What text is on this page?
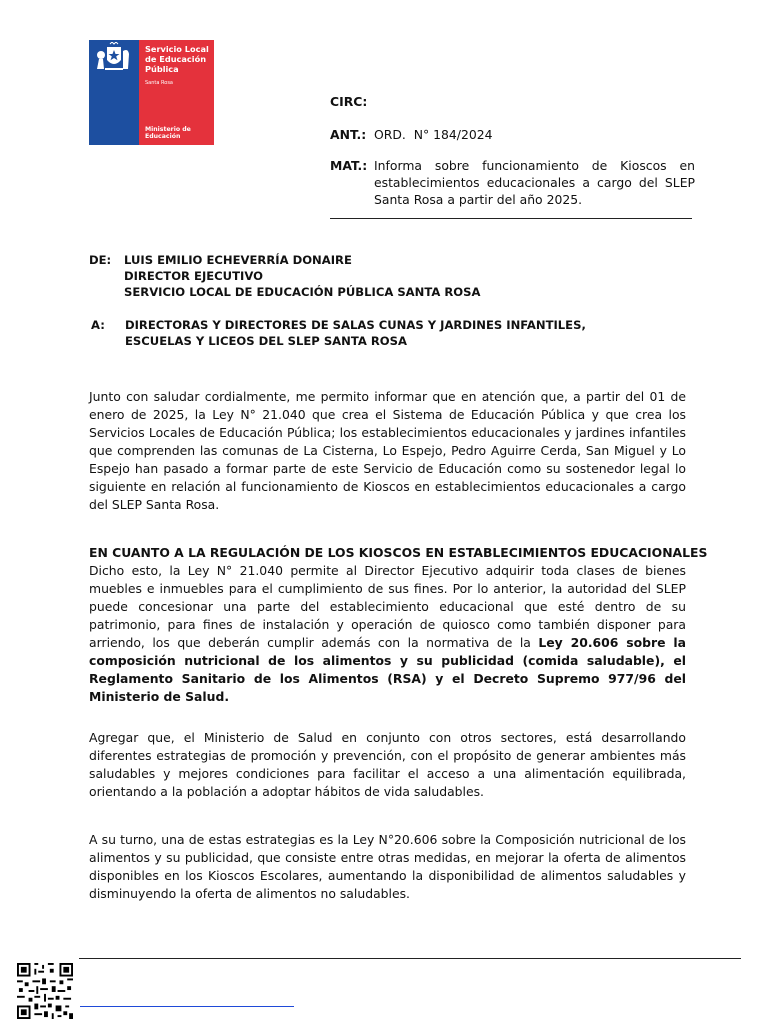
Servicio Local
de Educación
Pública
Santa Rosa
Ministerio de
Educación
CIRC:
ANT.: ORD.  N° 184/2024
MAT.: Informa sobre funcionamiento de Kioscos en establecimientos educacionales a cargo del SLEP Santa Rosa a partir del año 2025.
DE: LUIS EMILIO ECHEVERRÍA DONAIRE
DIRECTOR EJECUTIVO
SERVICIO LOCAL DE EDUCACIÓN PÚBLICA SANTA ROSA
A: DIRECTORAS Y DIRECTORES DE SALAS CUNAS Y JARDINES INFANTILES,
ESCUELAS Y LICEOS DEL SLEP SANTA ROSA

Junto con saludar cordialmente, me permito informar que en atención que, a partir del 01 de enero de 2025, la Ley N° 21.040 que crea el Sistema de Educación Pública y que crea los Servicios Locales de Educación Pública; los establecimientos educacionales y jardines infantiles que comprenden las comunas de La Cisterna, Lo Espejo, Pedro Aguirre Cerda, San Miguel y Lo Espejo han pasado a formar parte de este Servicio de Educación como su sostenedor legal lo siguiente en relación al funcionamiento de Kioscos en establecimientos educacionales a cargo del SLEP Santa Rosa.

EN CUANTO A LA REGULACIÓN DE LOS KIOSCOS EN ESTABLECIMIENTOS EDUCACIONALES

Dicho esto, la Ley N° 21.040 permite al Director Ejecutivo adquirir toda clases de bienes muebles e inmuebles para el cumplimiento de sus fines. Por lo anterior, la autoridad del SLEP puede concesionar una parte del establecimiento educacional que esté dentro de su patrimonio, para fines de instalación y operación de quiosco como también disponer para arriendo, los que deberán cumplir además con la normativa de la Ley 20.606 sobre la composición nutricional de los alimentos y su publicidad (comida saludable), el Reglamento Sanitario de los Alimentos (RSA) y el Decreto Supremo 977/96 del Ministerio de Salud.

Agregar que, el Ministerio de Salud en conjunto con otros sectores, está desarrollando diferentes estrategias de promoción y prevención, con el propósito de generar ambientes más saludables y mejores condiciones para facilitar el acceso a una alimentación equilibrada, orientando a la población a adoptar hábitos de vida saludables.

A su turno, una de estas estrategias es la Ley N°20.606 sobre la Composición nutricional de los alimentos y su publicidad, que consiste entre otras medidas, en mejorar la oferta de alimentos disponibles en los Kioscos Escolares, aumentando la disponibilidad de alimentos saludables y disminuyendo la oferta de alimentos no saludables.
